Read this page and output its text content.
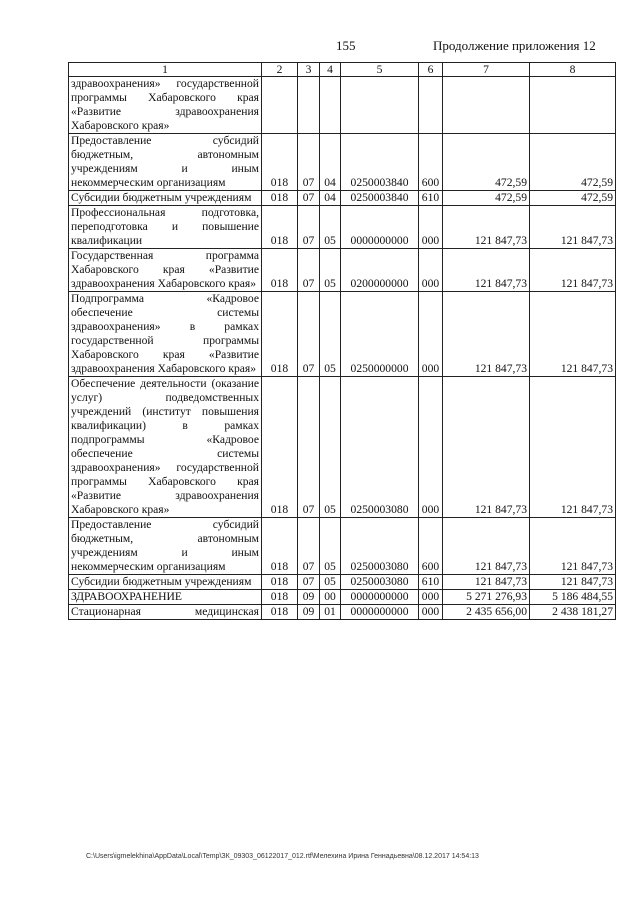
155	Продолжение приложения 12
1	2	3	4	5	6	7	8
здравоохранения» государственной программы Хабаровского края «Развитие здравоохранения Хабаровского края»							
Предоставление субсидий бюджетным, автономным учреждениям и иным некоммерческим организациям	018	07	04	0250003840	600	472,59	472,59
Субсидии бюджетным учреждениям	018	07	04	0250003840	610	472,59	472,59
Профессиональная подготовка, переподготовка и повышение квалификации	018	07	05	0000000000	000	121 847,73	121 847,73
Государственная программа Хабаровского края «Развитие здравоохранения Хабаровского края»	018	07	05	0200000000	000	121 847,73	121 847,73
Подпрограмма «Кадровое обеспечение системы здравоохранения» в рамках государственной программы Хабаровского края «Развитие здравоохранения Хабаровского края»	018	07	05	0250000000	000	121 847,73	121 847,73
Обеспечение деятельности (оказание услуг) подведомственных учреждений (институт повышения квалификации) в рамках подпрограммы «Кадровое обеспечение системы здравоохранения» государственной программы Хабаровского края «Развитие здравоохранения Хабаровского края»	018	07	05	0250003080	000	121 847,73	121 847,73
Предоставление субсидий бюджетным, автономным учреждениям и иным некоммерческим организациям	018	07	05	0250003080	600	121 847,73	121 847,73
Субсидии бюджетным учреждениям	018	07	05	0250003080	610	121 847,73	121 847,73
ЗДРАВООХРАНЕНИЕ	018	09	00	0000000000	000	5 271 276,93	5 186 484,55
Стационарная медицинская	018	09	01	0000000000	000	2 435 656,00	2 438 181,27
C:\Users\igmelekhina\AppData\Local\Temp\ЗК_09303_06122017_012.rtf\Мелехина Ирина Геннадьевна\08.12.2017 14:54:13
